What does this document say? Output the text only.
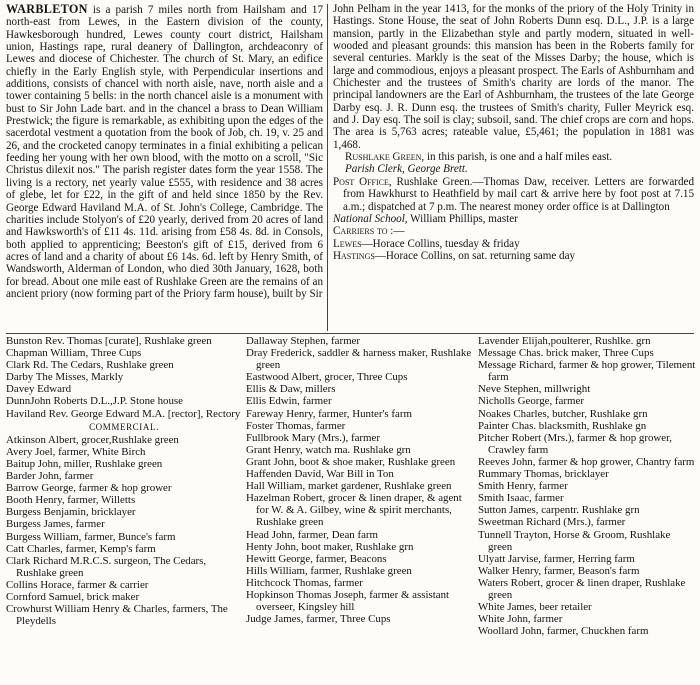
WARBLETON is a parish 7 miles north from Hailsham and 17 north-east from Lewes, in the Eastern division of the county, Hawkesborough hundred, Lewes county court district, Hailsham union, Hastings rape, rural deanery of Dallington, archdeaconry of Lewes and diocese of Chichester. The church of St. Mary, an edifice chiefly in the Early English style, with Perpendicular insertions and additions, consists of chancel with north aisle, nave, north aisle and a tower containing 5 bells: in the north chancel aisle is a monument with bust to Sir John Lade bart. and in the chancel a brass to Dean William Prestwick; the figure is remarkable, as exhibiting upon the edges of the sacerdotal vestment a quotation from the book of Job, ch. 19, v. 25 and 26, and the crocketed canopy terminates in a finial exhibiting a pelican feeding her young with her own blood, with the motto on a scroll, "Sic Christus dilexit nos." The parish register dates form the year 1558. The living is a rectory, net yearly value £555, with residence and 38 acres of glebe, let for £22, in the gift of and held since 1850 by the Rev. George Edward Haviland M.A. of St. John's College, Cambridge. The charities include Stolyon's of £20 yearly, derived from 20 acres of land and Hawksworth's of £11 4s. 11d. arising from £58 4s. 8d. in Consols, both applied to apprenticing; Beeston's gift of £15, derived from 6 acres of land and a charity of about £6 14s. 6d. left by Henry Smith, of Wandsworth, Alderman of London, who died 30th January, 1628, both for bread. About one mile east of Rushlake Green are the remains of an ancient priory (now forming part of the Priory farm house), built by Sir

John Pelham in the year 1413, for the monks of the priory of the Holy Trinity in Hastings. Stone House, the seat of John Roberts Dunn esq. D.L., J.P. is a large mansion, partly in the Elizabethan style and partly modern, situated in well-wooded and pleasant grounds: this mansion has been in the Roberts family for several centuries. Markly is the seat of the Misses Darby; the house, which is large and commodious, enjoys a pleasant prospect. The Earls of Ashburnham and Chichester and the trustees of Smith's charity are lords of the manor. The principal landowners are the Earl of Ashburnham, the trustees of the late George Darby esq. J. R. Dunn esq. the trustees of Smith's charity, Fuller Meyrick esq. and J. Day esq. The soil is clay; subsoil, sand. The chief crops are corn and hops. The area is 5,763 acres; rateable value, £5,461; the population in 1881 was 1,468.

Rushlake Green, in this parish, is one and a half miles east.

Parish Clerk, George Brett.

Post Office, Rushlake Green.—Thomas Daw, receiver. Letters are forwarded from Hawkhurst to Heathfield by mail cart & arrive here by foot post at 7.15 a.m.; dispatched at 7 p.m. The nearest money order office is at Dallington

National School, William Phillips, master

Carriers to :—

Lewes—Horace Collins, tuesday & friday

Hastings—Horace Collins, on sat. returning same day

Bunston Rev. Thomas [curate], Rushlake green
Chapman William, Three Cups
Clark Rd. The Cedars, Rushlake green
Darby The Misses, Markly
Davey Edward
DunnJohn Roberts D.L.,J.P. Stone house
Haviland Rev. George Edward M.A. [rector], Rectory
COMMERCIAL.
Atkinson Albert, grocer,Rushlake green
Avery Joel, farmer, White Birch
Baitup John, miller, Rushlake green
Barder John, farmer
Barrow George, farmer & hop grower
Booth Henry, farmer, Willetts
Burgess Benjamin, bricklayer
Burgess James, farmer
Burgess William, farmer, Bunce's farm
Catt Charles, farmer, Kemp's farm
Clark Richard M.R.C.S. surgeon, The Cedars, Rushlake green
Collins Horace, farmer & carrier
Cornford Samuel, brick maker
Crowhurst William Henry & Charles, farmers, The Pleydells
Dallaway Stephen, farmer
Dray Frederick, saddler & harness maker, Rushlake green
Eastwood Albert, grocer, Three Cups
Ellis & Daw, millers
Ellis Edwin, farmer
Fareway Henry, farmer, Hunter's farm
Foster Thomas, farmer
Fullbrook Mary (Mrs.), farmer
Grant Henry, watch ma. Rushlake grn
Grant John, boot & shoe maker, Rushlake green
Haffenden David, War Bill in Ton
Hall William, market gardener, Rushlake green
Hazelman Robert, grocer & linen draper, & agent for W. & A. Gilbey, wine & spirit merchants, Rushlake green
Head John, farmer, Dean farm
Henty John, boot maker, Rushlake grn
Hewitt George, farmer, Beacons
Hills William, farmer, Rushlake green
Hitchcock Thomas, farmer
Hopkinson Thomas Joseph, farmer & assistant overseer, Kingsley hill
Judge James, farmer, Three Cups
Lavender Elijah,poulterer, Rushlke. grn
Message Chas. brick maker, Three Cups
Message Richard, farmer & hop grower, Tilement farm
Neve Stephen, millwright
Nicholls George, farmer
Noakes Charles, butcher, Rushlake grn
Painter Chas. blacksmith, Rushlake gn
Pitcher Robert (Mrs.), farmer & hop grower, Crawley farm
Reeves John, farmer & hop grower, Chantry farm
Rummary Thomas, bricklayer
Smith Henry, farmer
Smith Isaac, farmer
Sutton James, carpentr. Rushlake grn
Sweetman Richard (Mrs.), farmer
Tunnell Trayton, Horse & Groom, Rushlake green
Ulyatt Jarvise, farmer, Herring farm
Walker Henry, farmer, Beason's farm
Waters Robert, grocer & linen draper, Rushlake green
White James, beer retailer
White John, farmer
Woollard John, farmer, Chuckhen farm
